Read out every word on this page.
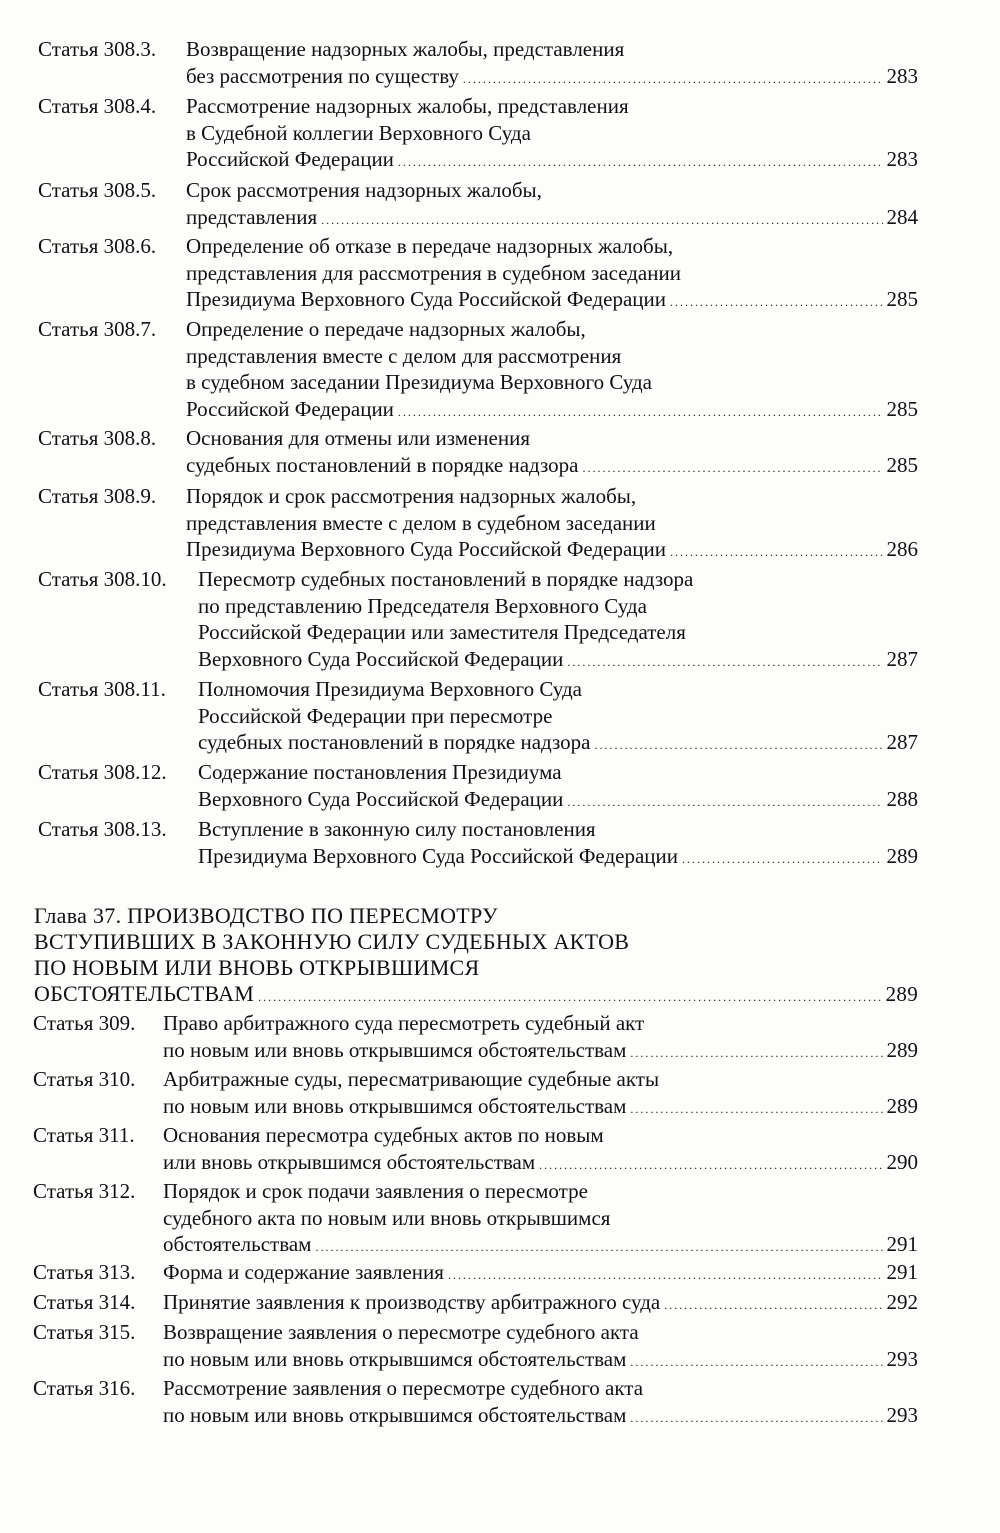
Статья 308.3. Возвращение надзорных жалобы, представления
без рассмотрения по существу . . .	283
Статья 308.4. Рассмотрение надзорных жалобы, представления
в Судебной коллегии Верховного Суда
Российской Федерации . . .	283
Статья 308.5. Срок рассмотрения надзорных жалобы,
представления . . .	284
Статья 308.6. Определение об отказе в передаче надзорных жалобы,
представления для рассмотрения в судебном заседании
Президиума Верховного Суда Российской Федерации . . .	285
Статья 308.7. Определение о передаче надзорных жалобы,
представления вместе с делом для рассмотрения
в судебном заседании Президиума Верховного Суда
Российской Федерации . . .	285
Статья 308.8. Основания для отмены или изменения
судебных постановлений в порядке надзора . . .	285
Статья 308.9. Порядок и срок рассмотрения надзорных жалобы,
представления вместе с делом в судебном заседании
Президиума Верховного Суда Российской Федерации . . .	286
Статья 308.10. Пересмотр судебных постановлений в порядке надзора
по представлению Председателя Верховного Суда
Российской Федерации или заместителя Председателя
Верховного Суда Российской Федерации . . .	287
Статья 308.11. Полномочия Президиума Верховного Суда
Российской Федерации при пересмотре
судебных постановлений в порядке надзора . . .	287
Статья 308.12. Содержание постановления Президиума
Верховного Суда Российской Федерации . . .	288
Статья 308.13. Вступление в законную силу постановления
Президиума Верховного Суда Российской Федерации . . .	289
Глава 37. ПРОИЗВОДСТВО ПО ПЕРЕСМОТРУ
ВСТУПИВШИХ В ЗАКОННУЮ СИЛУ СУДЕБНЫХ АКТОВ
ПО НОВЫМ ИЛИ ВНОВЬ ОТКРЫВШИМСЯ
ОБСТОЯТЕЛЬСТВАМ . . .	289
Статья 309. Право арбитражного суда пересмотреть судебный акт
по новым или вновь открывшимся обстоятельствам . . .	289
Статья 310. Арбитражные суды, пересматривающие судебные акты
по новым или вновь открывшимся обстоятельствам . . .	289
Статья 311. Основания пересмотра судебных актов по новым
или вновь открывшимся обстоятельствам . . .	290
Статья 312. Порядок и срок подачи заявления о пересмотре
судебного акта по новым или вновь открывшимся
обстоятельствам . . .	291
Статья 313. Форма и содержание заявления . . .	291
Статья 314. Принятие заявления к производству арбитражного суда . . .	292
Статья 315. Возвращение заявления о пересмотре судебного акта
по новым или вновь открывшимся обстоятельствам . . .	293
Статья 316. Рассмотрение заявления о пересмотре судебного акта
по новым или вновь открывшимся обстоятельствам . . .	293
